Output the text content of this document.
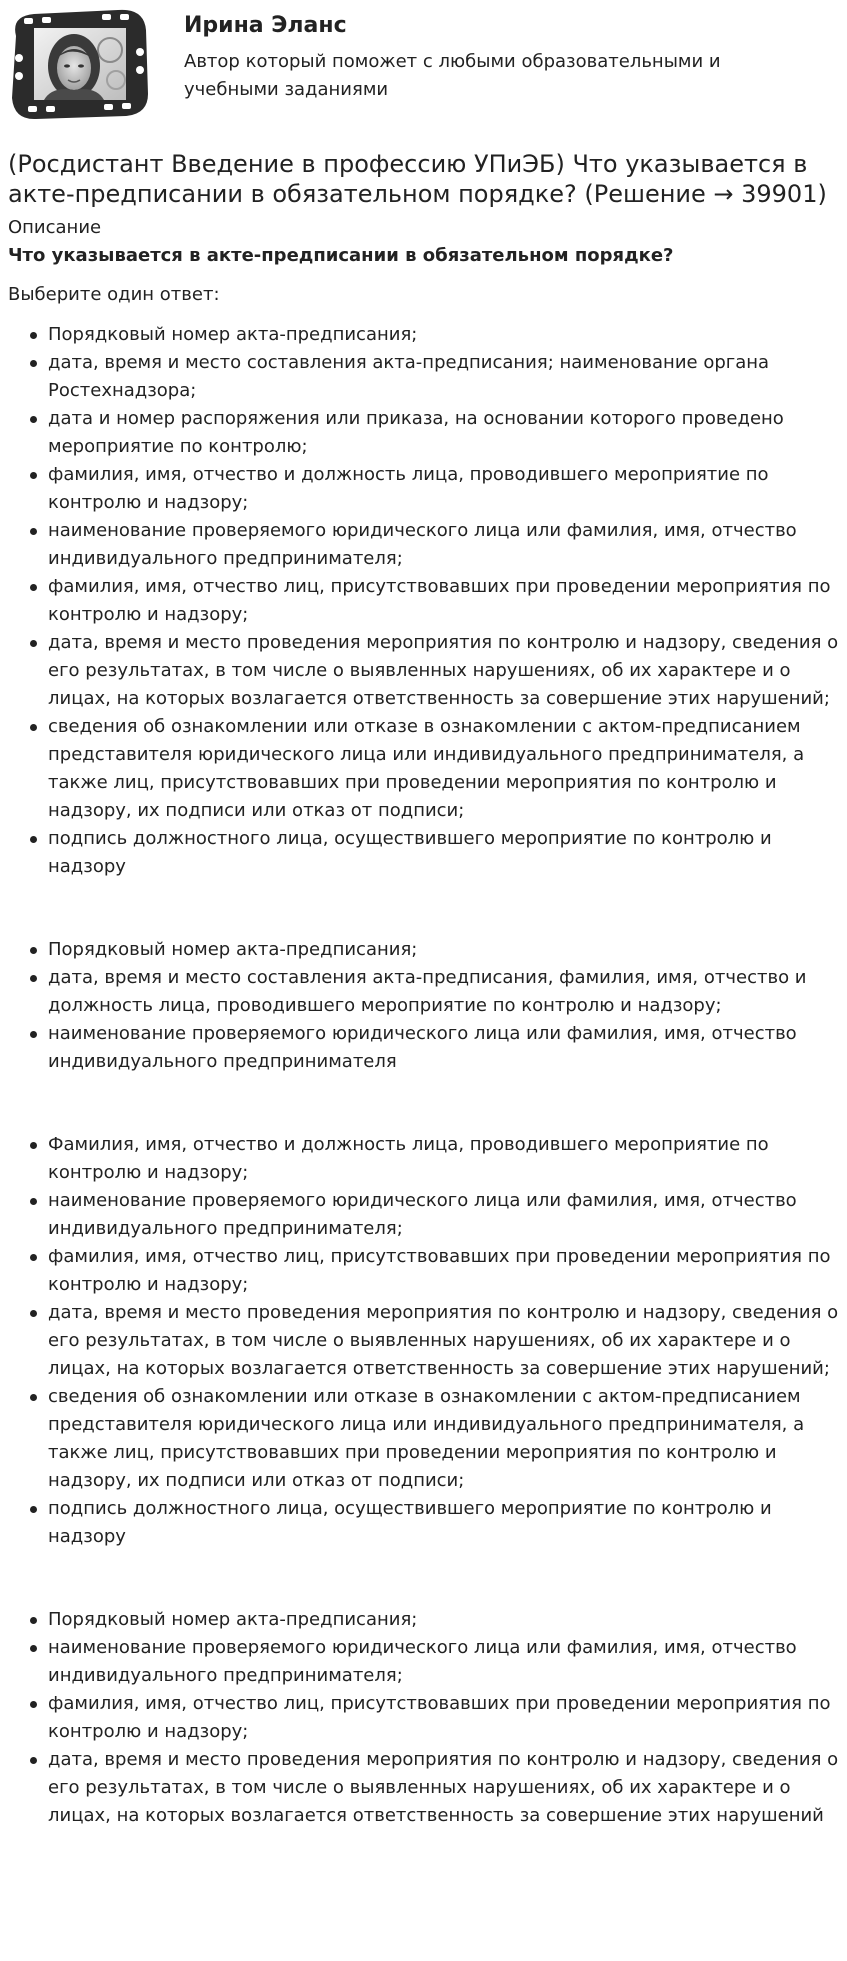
Ирина Эланс
Автор который поможет с любыми образовательными и учебными заданиями
(Росдистант Введение в профессию УПиЭБ) Что указывается в акте-предписании в обязательном порядке? (Решение → 39901)
Описание
Что указывается в акте-предписании в обязательном порядке?
Выберите один ответ:
Порядковый номер акта-предписания;
дата, время и место составления акта-предписания; наименование органа Ростехнадзора;
дата и номер распоряжения или приказа, на основании которого проведено мероприятие по контролю;
фамилия, имя, отчество и должность лица, проводившего мероприятие по контролю и надзору;
наименование проверяемого юридического лица или фамилия, имя, отчество индивидуального предпринимателя;
фамилия, имя, отчество лиц, присутствовавших при проведении мероприятия по контролю и надзору;
дата, время и место проведения мероприятия по контролю и надзору, сведения о его результатах, в том числе о выявленных нарушениях, об их характере и о лицах, на которых возлагается ответственность за совершение этих нарушений;
сведения об ознакомлении или отказе в ознакомлении с актом-предписанием представителя юридического лица или индивидуального предпринимателя, а также лиц, присутствовавших при проведении мероприятия по контролю и надзору, их подписи или отказ от подписи;
подпись должностного лица, осуществившего мероприятие по контролю и надзору
Порядковый номер акта-предписания;
дата, время и место составления акта-предписания, фамилия, имя, отчество и должность лица, проводившего мероприятие по контролю и надзору;
наименование проверяемого юридического лица или фамилия, имя, отчество индивидуального предпринимателя
Фамилия, имя, отчество и должность лица, проводившего мероприятие по контролю и надзору;
наименование проверяемого юридического лица или фамилия, имя, отчество индивидуального предпринимателя;
фамилия, имя, отчество лиц, присутствовавших при проведении мероприятия по контролю и надзору;
дата, время и место проведения мероприятия по контролю и надзору, сведения о его результатах, в том числе о выявленных нарушениях, об их характере и о лицах, на которых возлагается ответственность за совершение этих нарушений;
сведения об ознакомлении или отказе в ознакомлении с актом-предписанием представителя юридического лица или индивидуального предпринимателя, а также лиц, присутствовавших при проведении мероприятия по контролю и надзору, их подписи или отказ от подписи;
подпись должностного лица, осуществившего мероприятие по контролю и надзору
Порядковый номер акта-предписания;
наименование проверяемого юридического лица или фамилия, имя, отчество индивидуального предпринимателя;
фамилия, имя, отчество лиц, присутствовавших при проведении мероприятия по контролю и надзору;
дата, время и место проведения мероприятия по контролю и надзору, сведения о его результатах, в том числе о выявленных нарушениях, об их характере и о лицах, на которых возлагается ответственность за совершение этих нарушений
